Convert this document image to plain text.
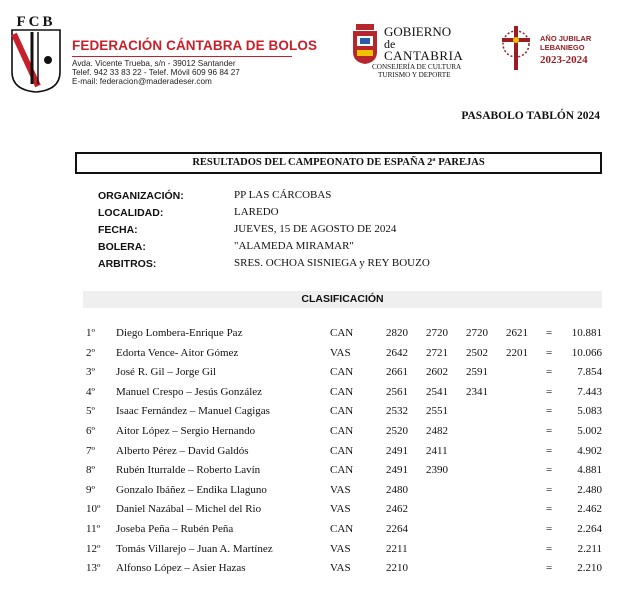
FCB
FEDERACIÓN CÁNTABRA DE BOLOS
Avda. Vicente Trueba, s/n - 39012 Santander
Telef. 942 33 83 22 - Telef. Móvil 609 96 84 27
E-mail: federacion@maderadeser.com
GOBIERNO
de
CANTABRIA
CONSEJERÍA DE CULTURA
TURISMO Y DEPORTE
AÑO JUBILAR
LEBANIEGO
2023-2024
PASABOLO TABLÓN 2024
RESULTADOS DEL CAMPEONATO DE ESPAÑA 2ª PAREJAS
ORGANIZACIÓN:	PP LAS CÁRCOBAS
LOCALIDAD:	LAREDO
FECHA:	JUEVES, 15 DE AGOSTO DE 2024
BOLERA:	"ALAMEDA MIRAMAR"
ARBITROS:	SRES. OCHOA SISNIEGA y REY BOUZO
CLASIFICACIÓN
1º Diego Lombera-Enrique Paz	CAN	2820 2720 2720 2621 = 10.881
2º Edorta Vence- Aitor Gómez	VAS	2642 2721 2502 2201 = 10.066
3º José R. Gil – Jorge Gil	CAN	2661 2602 2591	= 7.854
4º Manuel Crespo – Jesús González	CAN	2561 2541 2341	= 7.443
5º Isaac Fernández – Manuel Cagigas	CAN	2532 2551	= 5.083
6º Aitor López – Sergio Hernando	CAN	2520 2482	= 5.002
7º Alberto Pérez – David Galdós	CAN	2491 2411	= 4.902
8º Rubén Iturralde – Roberto Lavín	CAN	2491 2390	= 4.881
9º Gonzalo Ibáñez – Endika Llaguno	VAS	2480	= 2.480
10º Daniel Nazábal – Michel del Rio	VAS	2462	= 2.462
11º Joseba Peña – Rubén Peña	CAN	2264	= 2.264
12º Tomás Villarejo – Juan A. Martínez	VAS	2211	= 2.211
13º Alfonso López – Asier Hazas	VAS	2210	= 2.210
